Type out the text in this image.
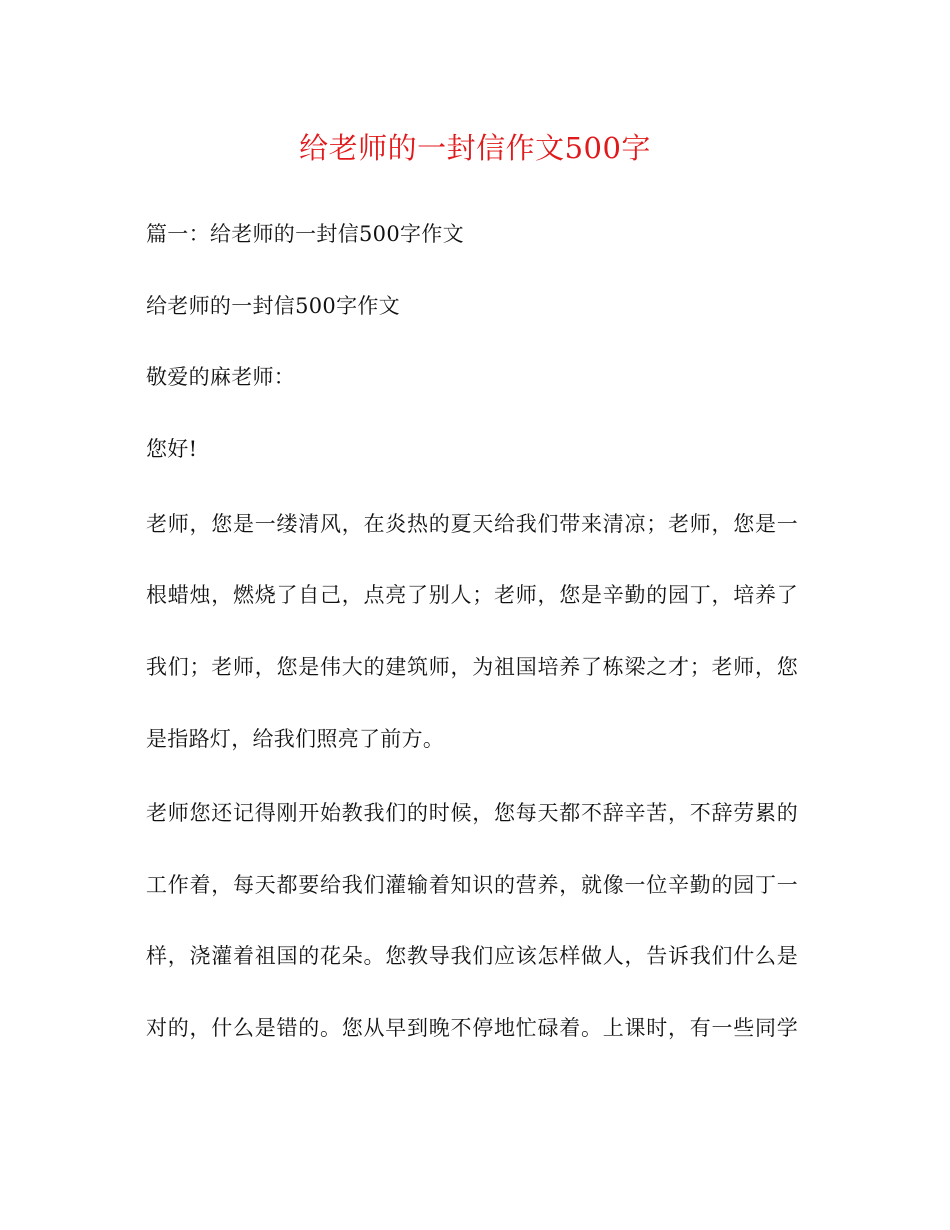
给老师的一封信作文500字
篇一：给老师的一封信500字作文
给老师的一封信500字作文
敬爱的麻老师：
您好!
老师，您是一缕清风，在炎热的夏天给我们带来清凉；老师，您是一
根蜡烛，燃烧了自己，点亮了别人；老师，您是辛勤的园丁，培养了
我们；老师，您是伟大的建筑师，为祖国培养了栋梁之才；老师，您
是指路灯，给我们照亮了前方。
老师您还记得刚开始教我们的时候，您每天都不辞辛苦，不辞劳累的
工作着，每天都要给我们灌输着知识的营养，就像一位辛勤的园丁一
样，浇灌着祖国的花朵。您教导我们应该怎样做人，告诉我们什么是
对的，什么是错的。您从早到晚不停地忙碌着。上课时，有一些同学
